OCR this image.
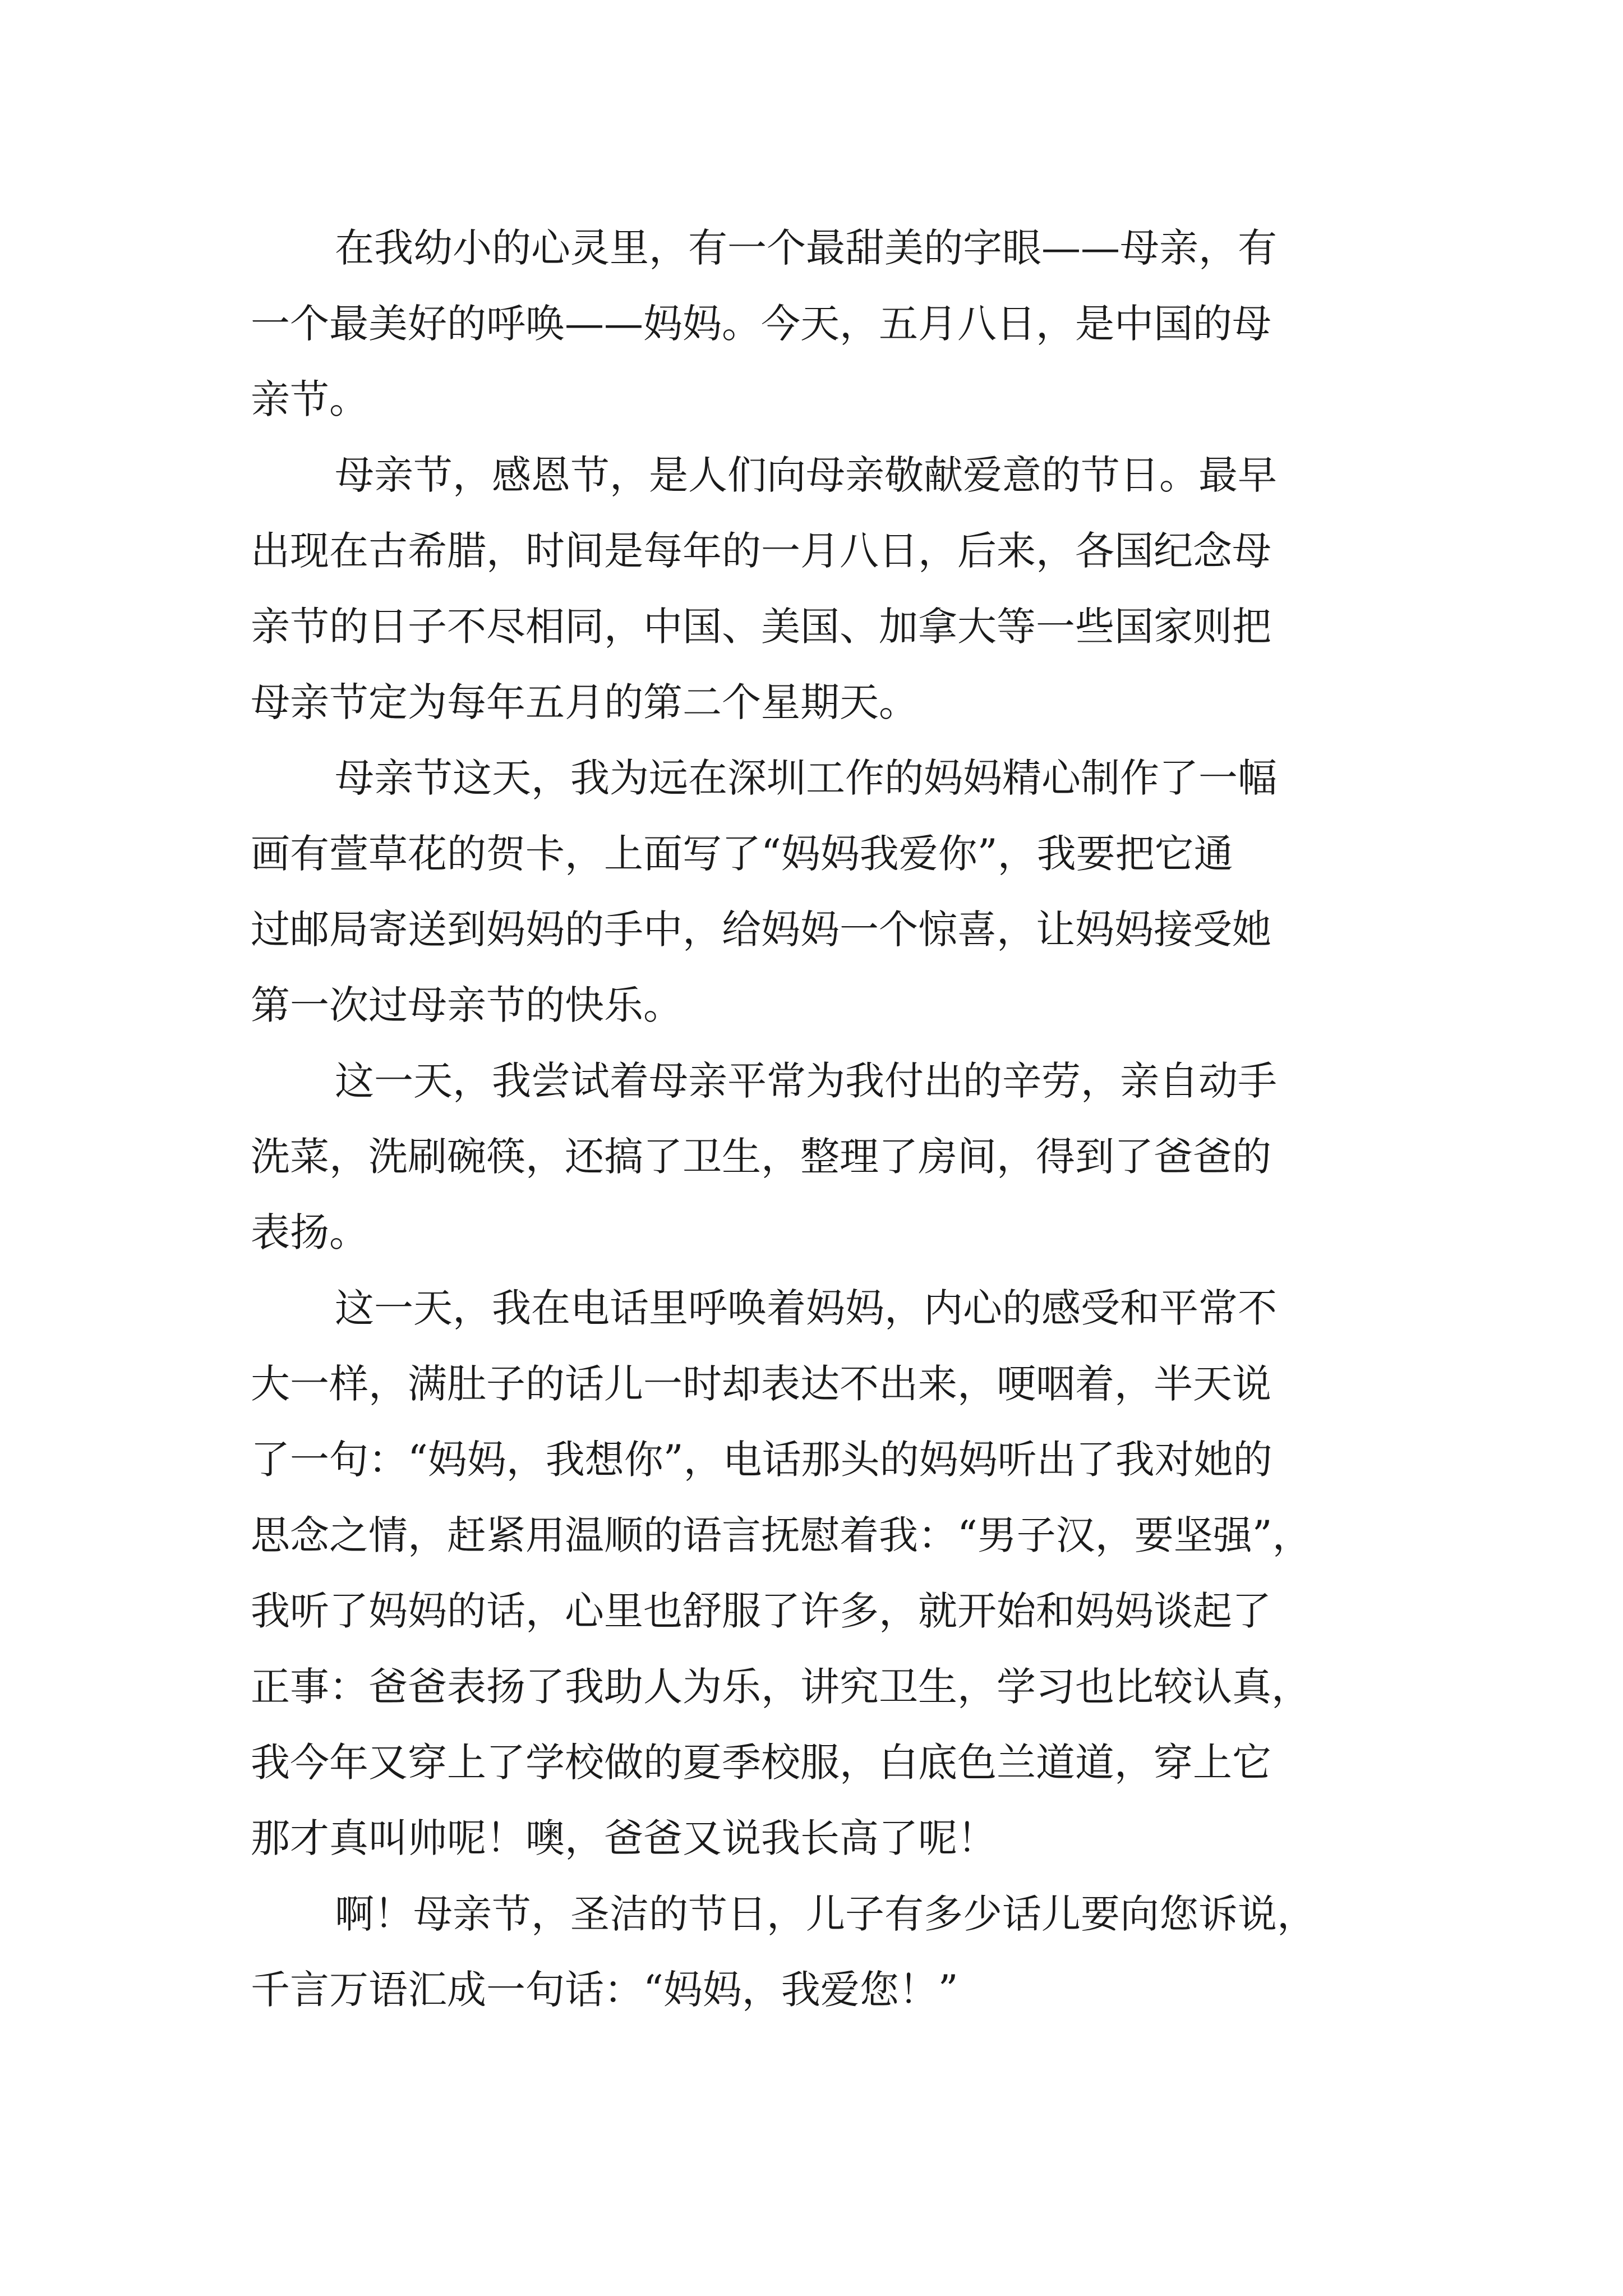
在我幼小的心灵里，有一个最甜美的字眼——母亲，有
一个最美好的呼唤——妈妈。今天，五月八日，是中国的母
亲节。
母亲节，感恩节，是人们向母亲敬献爱意的节日。最早
出现在古希腊，时间是每年的一月八日，后来，各国纪念母
亲节的日子不尽相同，中国、美国、加拿大等一些国家则把
母亲节定为每年五月的第二个星期天。
母亲节这天，我为远在深圳工作的妈妈精心制作了一幅
画有萱草花的贺卡，上面写了“妈妈我爱你”，我要把它通
过邮局寄送到妈妈的手中，给妈妈一个惊喜，让妈妈接受她
第一次过母亲节的快乐。
这一天，我尝试着母亲平常为我付出的辛劳，亲自动手
洗菜，洗刷碗筷，还搞了卫生，整理了房间，得到了爸爸的
表扬。
这一天，我在电话里呼唤着妈妈，内心的感受和平常不
大一样，满肚子的话儿一时却表达不出来，哽咽着，半天说
了一句：“妈妈，我想你”，电话那头的妈妈听出了我对她的
思念之情，赶紧用温顺的语言抚慰着我：“男子汉，要坚强”，
我听了妈妈的话，心里也舒服了许多，就开始和妈妈谈起了
正事：爸爸表扬了我助人为乐，讲究卫生，学习也比较认真，
我今年又穿上了学校做的夏季校服，白底色兰道道，穿上它
那才真叫帅呢！噢，爸爸又说我长高了呢！
啊！母亲节，圣洁的节日，儿子有多少话儿要向您诉说，
千言万语汇成一句话：“妈妈，我爱您！”
